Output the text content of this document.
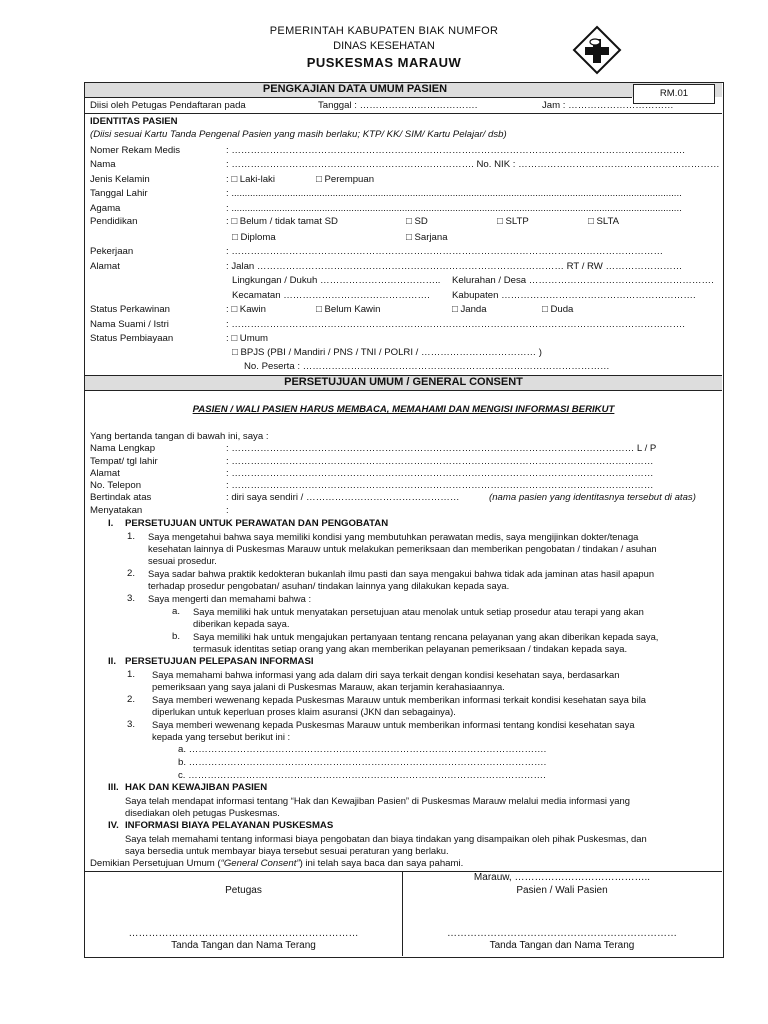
PEMERINTAH KABUPATEN BIAK NUMFOR
DINAS KESEHATAN
PUSKESMAS MARAUW
PENGKAJIAN DATA UMUM PASIEN	RM.01
Diisi oleh Petugas Pendaftaran pada	Tanggal : ……………………………….	Jam : ……………………………
IDENTITAS PASIEN
(Diisi sesuai Kartu Tanda Pengenal Pasien yang masih berlaku; KTP/ KK/ SIM/ Kartu Pelajar/ dsb)
Nomer Rekam Medis	: …………………………………………………………………………………………………………………………….
Nama	: …………………………………………………………………. No. NIK : ………………………………………………………
Jenis Kelamin	: □ Laki-laki	□ Perempuan
Tanggal Lahir	: .........................................................................................................................................................................
Agama	: .........................................................................................................................................................................
Pendidikan	: □ Belum / tidak tamat SD	□ SD	□ SLTP	□ SLTA
□ Diploma	□ Sarjana
Pekerjaan	: ………………………………………………………………………………………………………………………
Alamat	: Jalan …………………………………………………………………………………… RT / RW ……………………
Lingkungan / Dukuh ……………………………….. Kelurahan / Desa ………………………………………………….
Kecamatan ………………………………………. Kabupaten …………………………………………………….
Status Perkawinan	: □ Kawin	□ Belum Kawin	□ Janda	□ Duda
Nama Suami / Istri	: …………………………………………………………………………………………………………………………….
Status Pembiayaan	: □ Umum
□ BPJS (PBI / Mandiri / PNS / TNI / POLRI / ……………………………… )
No. Peserta : ……………………………………………………………………………………
PERSETUJUAN UMUM / GENERAL CONSENT
PASIEN / WALI PASIEN HARUS MEMBACA, MEMAHAMI DAN MENGISI INFORMASI BERIKUT
Yang bertanda tangan di bawah ini, saya :
Nama Lengkap	: ……………………………………………………………………………………………………………… L / P
Tempat/ tgl lahir	: ……………………………………………………………………………………………………………………
Alamat	: ……………………………………………………………………………………………………………………
No. Telepon	: ……………………………………………………………………………………………………………………
Bertindak atas	: diri saya sendiri / …………………………………………	(nama pasien yang identitasnya tersebut di atas)
Menyatakan	:
I. PERSETUJUAN UNTUK PERAWATAN DAN PENGOBATAN
1. Saya mengetahui bahwa saya memiliki kondisi yang membutuhkan perawatan medis, saya mengijinkan dokter/tenaga
kesehatan lainnya di Puskesmas Marauw untuk melakukan pemeriksaan dan memberikan pengobatan / tindakan / asuhan
sesuai prosedur.
2. Saya sadar bahwa praktik kedokteran bukanlah ilmu pasti dan saya mengakui bahwa tidak ada jaminan atas hasil apapun
terhadap prosedur pengobatan/ asuhan/ tindakan lainnya yang dilakukan kepada saya.
3. Saya mengerti dan memahami bahwa :
a. Saya memiliki hak untuk menyatakan persetujuan atau menolak untuk setiap prosedur atau terapi yang akan
diberikan kepada saya.
b. Saya memiliki hak untuk mengajukan pertanyaan tentang rencana pelayanan yang akan diberikan kepada saya,
termasuk identitas setiap orang yang akan memberikan pelayanan pemeriksaan / tindakan kepada saya.
II. PERSETUJUAN PELEPASAN INFORMASI
1. Saya memahami bahwa informasi yang ada dalam diri saya terkait dengan kondisi kesehatan saya, berdasarkan
pemeriksaan yang saya jalani di Puskesmas Marauw, akan terjamin kerahasiaannya.
2. Saya memberi wewenang kepada Puskesmas Marauw untuk memberikan informasi terkait kondisi kesehatan saya bila
diperlukan untuk keperluan proses klaim asuransi (JKN dan sebagainya).
3. Saya memberi wewenang kepada Puskesmas Marauw untuk memberikan informasi tentang kondisi kesehatan saya
kepada yang tersebut berikut ini :
a. ………………………………………………………………………………………………….
b. ………………………………………………………………………………………………….
c. ………………………………………………………………………………………………….
III. HAK DAN KEWAJIBAN PASIEN
Saya telah mendapat informasi tentang “Hak dan Kewajiban Pasien” di Puskesmas Marauw melalui media informasi yang
disediakan oleh petugas Puskesmas.
IV. INFORMASI BIAYA PELAYANAN PUSKESMAS
Saya telah memahami tentang informasi biaya pengobatan dan biaya tindakan yang disampaikan oleh pihak Puskesmas, dan
saya bersedia untuk membayar biaya tersebut sesuai peraturan yang berlaku.
Demikian Persetujuan Umum (“General Consent”) ini telah saya baca dan saya pahami.
Marauw, …………………………………..
Petugas	Pasien / Wali Pasien
……………………………………………………………	……………………………………………………………
Tanda Tangan dan Nama Terang	Tanda Tangan dan Nama Terang
